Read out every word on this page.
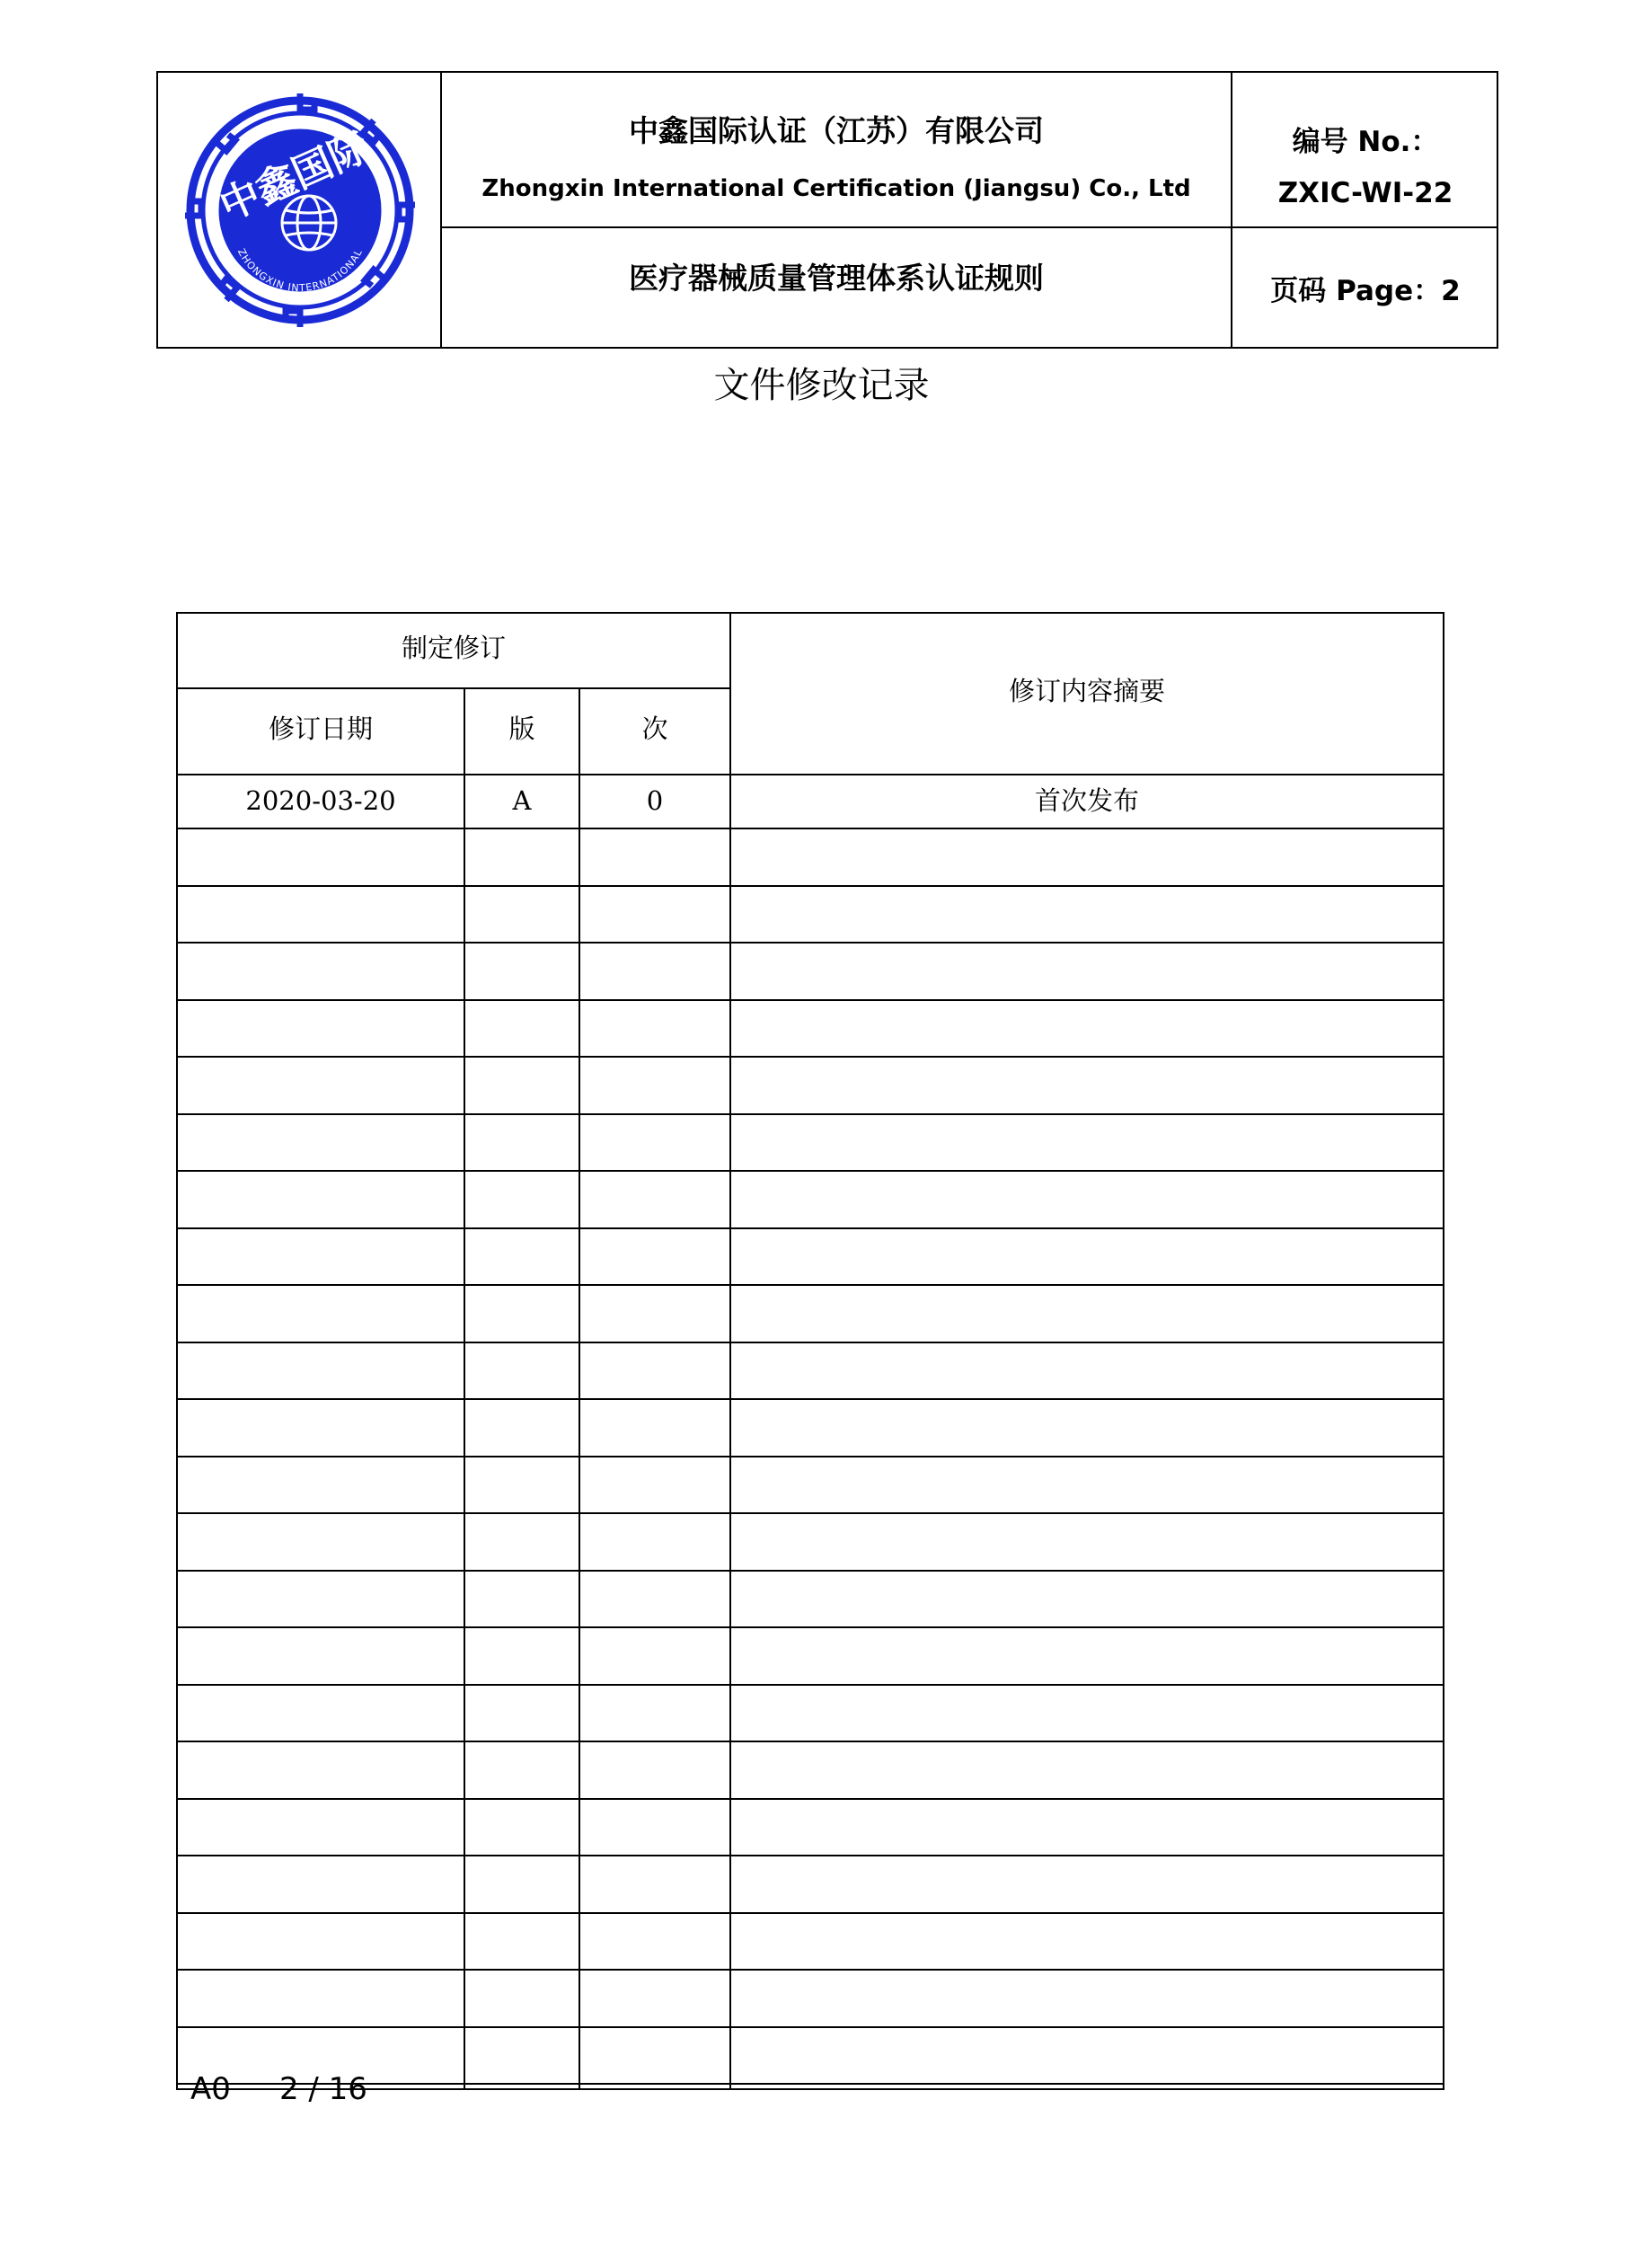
中鑫国际
ZHONGXIN INTERNATIONAL
中鑫国际认证（江苏）有限公司
Zhongxin International Certification (Jiangsu) Co., Ltd
医疗器械质量管理体系认证规则
编号 No.：
ZXIC-WI-22
页码 Page：2
文件修改记录
制定修订
修订内容摘要
修订日期	版	次
2020-03-20	A	0	首次发布
A0 2 / 16
